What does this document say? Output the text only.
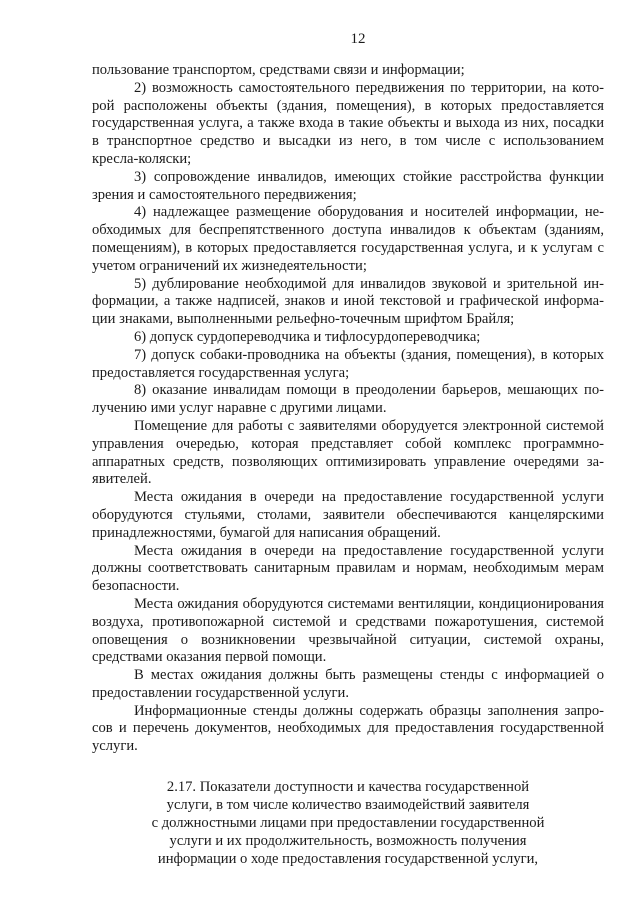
12

пользование транспортом, средствами связи и информации;

2) возможность самостоятельного передвижения по территории, на которой расположены объекты (здания, помещения), в которых предоставляется государственная услуга, а также входа в такие объекты и выхода из них, посадки в транспортное средство и высадки из него, в том числе с использованием кресла-коляски;

3) сопровождение инвалидов, имеющих стойкие расстройства функции зрения и самостоятельного передвижения;

4) надлежащее размещение оборудования и носителей информации, необходимых для беспрепятственного доступа инвалидов к объектам (зданиям, помещениям), в которых предоставляется государственная услуга, и к услугам с учетом ограничений их жизнедеятельности;

5) дублирование необходимой для инвалидов звуковой и зрительной информации, а также надписей, знаков и иной текстовой и графической информации знаками, выполненными рельефно-точечным шрифтом Брайля;

6) допуск сурдопереводчика и тифлосурдопереводчика;

7) допуск собаки-проводника на объекты (здания, помещения), в которых предоставляется государственная услуга;

8) оказание инвалидам помощи в преодолении барьеров, мешающих получению ими услуг наравне с другими лицами.

Помещение для работы с заявителями оборудуется электронной системой управления очередью, которая представляет собой комплекс программно-аппаратных средств, позволяющих оптимизировать управление очередями заявителей.

Места ожидания в очереди на предоставление государственной услуги оборудуются стульями, столами, заявители обеспечиваются канцелярскими принадлежностями, бумагой для написания обращений.

Места ожидания в очереди на предоставление государственной услуги должны соответствовать санитарным правилам и нормам, необходимым мерам безопасности.

Места ожидания оборудуются системами вентиляции, кондиционирования воздуха, противопожарной системой и средствами пожаротушения, системой оповещения о возникновении чрезвычайной ситуации, системой охраны, средствами оказания первой помощи.

В местах ожидания должны быть размещены стенды с информацией о предоставлении государственной услуги.

Информационные стенды должны содержать образцы заполнения запросов и перечень документов, необходимых для предоставления государственной услуги.

2.17. Показатели доступности и качества государственной
услуги, в том числе количество взаимодействий заявителя
с должностными лицами при предоставлении государственной
услуги и их продолжительность, возможность получения
информации о ходе предоставления государственной услуги,
